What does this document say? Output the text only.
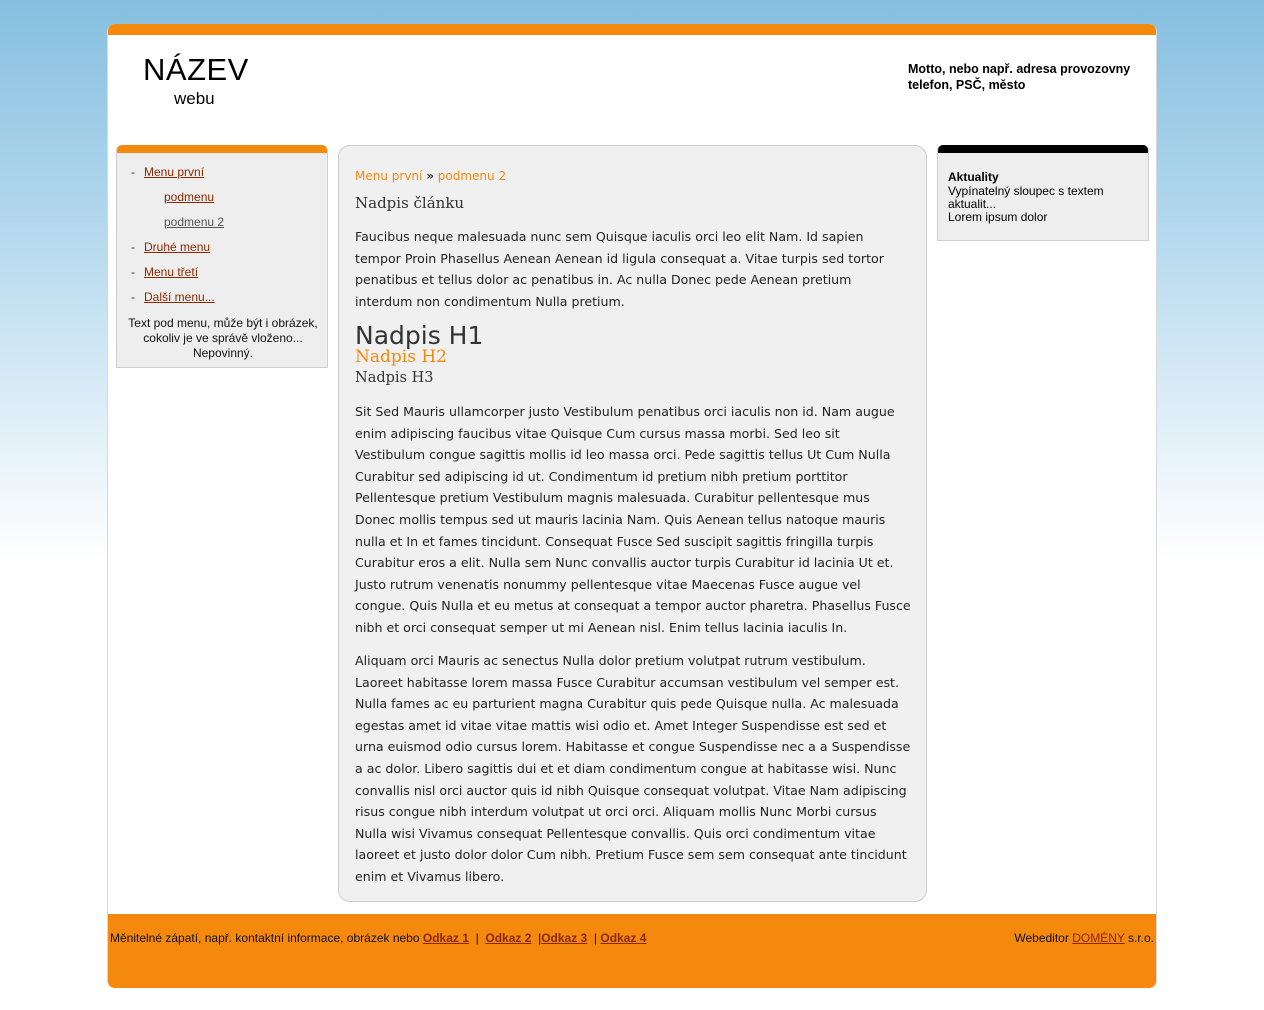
NÁZEV
webu
Motto, nebo např. adresa provozovny
telefon, PSČ, město
- Menu první
podmenu
podmenu 2
- Druhé menu
- Menu třetí
- Další menu...
Text pod menu, může být i obrázek, cokoliv je ve správě vloženo... Nepovinný.
Menu první » podmenu 2
Nadpis článku
Faucibus neque malesuada nunc sem Quisque iaculis orci leo elit Nam. Id sapien tempor Proin Phasellus Aenean Aenean id ligula consequat a. Vitae turpis sed tortor penatibus et tellus dolor ac penatibus in. Ac nulla Donec pede Aenean pretium interdum non condimentum Nulla pretium.
Nadpis H1
Nadpis H2
Nadpis H3
Sit Sed Mauris ullamcorper justo Vestibulum penatibus orci iaculis non id. Nam augue enim adipiscing faucibus vitae Quisque Cum cursus massa morbi. Sed leo sit Vestibulum congue sagittis mollis id leo massa orci. Pede sagittis tellus Ut Cum Nulla Curabitur sed adipiscing id ut. Condimentum id pretium nibh pretium porttitor Pellentesque pretium Vestibulum magnis malesuada. Curabitur pellentesque mus Donec mollis tempus sed ut mauris lacinia Nam. Quis Aenean tellus natoque mauris nulla et In et fames tincidunt. Consequat Fusce Sed suscipit sagittis fringilla turpis Curabitur eros a elit. Nulla sem Nunc convallis auctor turpis Curabitur id lacinia Ut et. Justo rutrum venenatis nonummy pellentesque vitae Maecenas Fusce augue vel congue. Quis Nulla et eu metus at consequat a tempor auctor pharetra. Phasellus Fusce nibh et orci consequat semper ut mi Aenean nisl. Enim tellus lacinia iaculis In.
Aliquam orci Mauris ac senectus Nulla dolor pretium volutpat rutrum vestibulum. Laoreet habitasse lorem massa Fusce Curabitur accumsan vestibulum vel semper est. Nulla fames ac eu parturient magna Curabitur quis pede Quisque nulla. Ac malesuada egestas amet id vitae vitae mattis wisi odio et. Amet Integer Suspendisse est sed et urna euismod odio cursus lorem. Habitasse et congue Suspendisse nec a a Suspendisse a ac dolor. Libero sagittis dui et et diam condimentum congue at habitasse wisi. Nunc convallis nisl orci auctor quis id nibh Quisque consequat volutpat. Vitae Nam adipiscing risus congue nibh interdum volutpat ut orci orci. Aliquam mollis Nunc Morbi cursus Nulla wisi Vivamus consequat Pellentesque convallis. Quis orci condimentum vitae laoreet et justo dolor dolor Cum nibh. Pretium Fusce sem sem consequat ante tincidunt enim et Vivamus libero.
Aktuality
Vypínatelný sloupec s textem aktualit...
Lorem ipsum dolor
Měnitelné zápatí, např. kontaktní informace, obrázek nebo Odkaz 1 | Odkaz 2 |Odkaz 3 | Odkaz 4	Webeditor DOMÉNY s.r.o.
